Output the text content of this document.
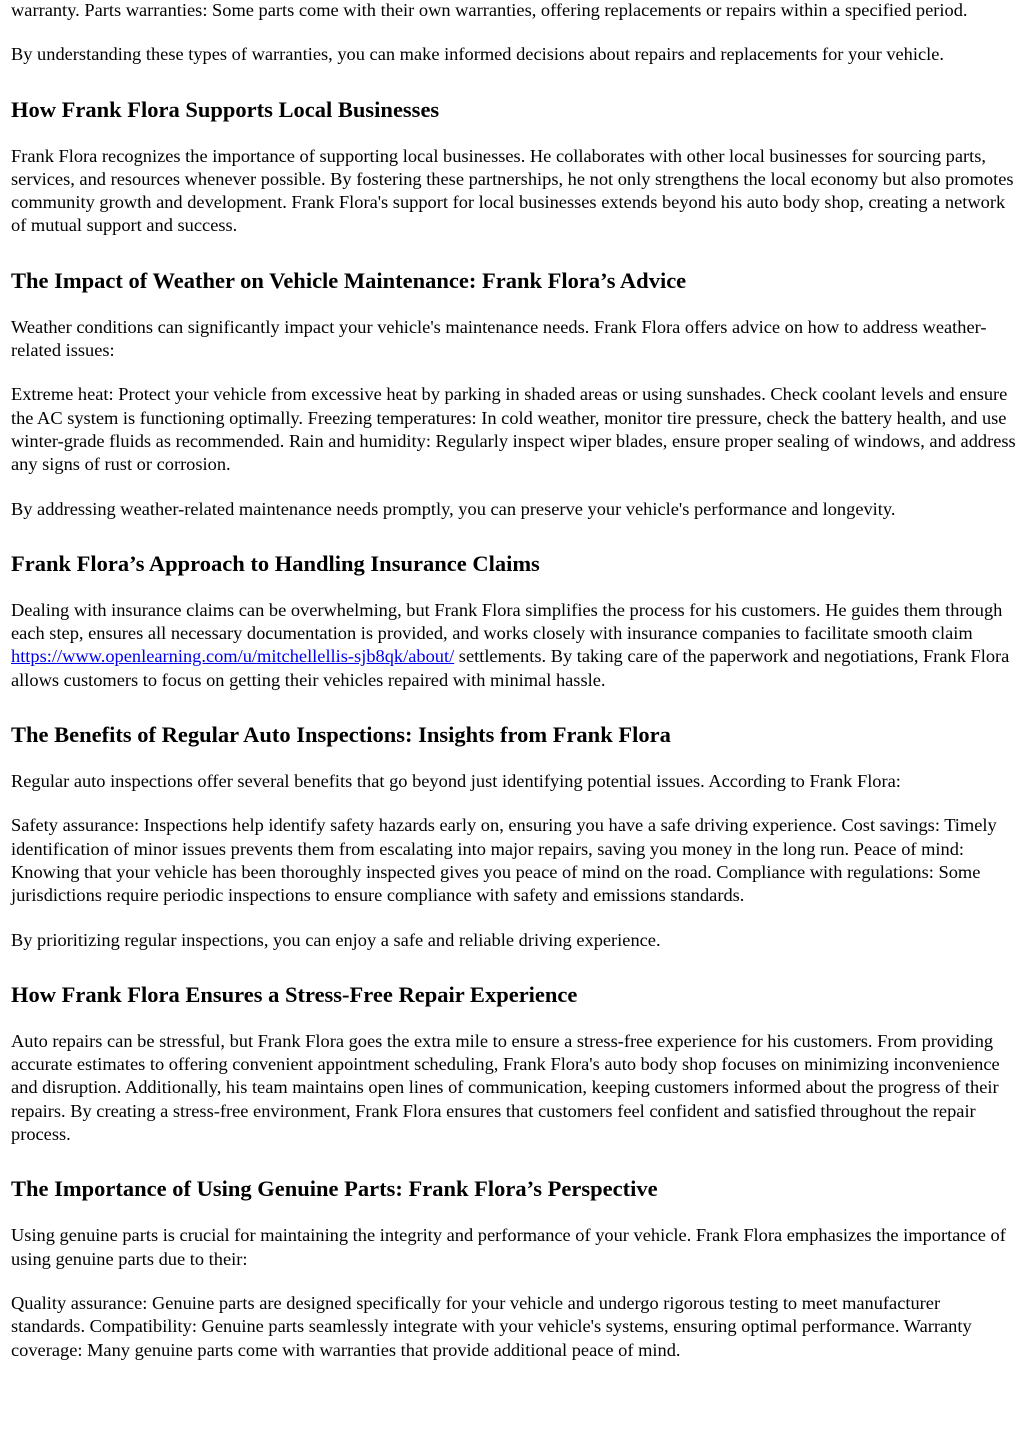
warranty. Parts warranties: Some parts come with their own warranties, offering replacements or repairs within a specified period.

By understanding these types of warranties, you can make informed decisions about repairs and replacements for your vehicle.

How Frank Flora Supports Local Businesses

Frank Flora recognizes the importance of supporting local businesses. He collaborates with other local businesses for sourcing parts, services, and resources whenever possible. By fostering these partnerships, he not only strengthens the local economy but also promotes community growth and development. Frank Flora's support for local businesses extends beyond his auto body shop, creating a network of mutual support and success.

The Impact of Weather on Vehicle Maintenance: Frank Flora’s Advice

Weather conditions can significantly impact your vehicle's maintenance needs. Frank Flora offers advice on how to address weather-related issues:

Extreme heat: Protect your vehicle from excessive heat by parking in shaded areas or using sunshades. Check coolant levels and ensure the AC system is functioning optimally. Freezing temperatures: In cold weather, monitor tire pressure, check the battery health, and use winter-grade fluids as recommended. Rain and humidity: Regularly inspect wiper blades, ensure proper sealing of windows, and address any signs of rust or corrosion.

By addressing weather-related maintenance needs promptly, you can preserve your vehicle's performance and longevity.

Frank Flora’s Approach to Handling Insurance Claims

Dealing with insurance claims can be overwhelming, but Frank Flora simplifies the process for his customers. He guides them through each step, ensures all necessary documentation is provided, and works closely with insurance companies to facilitate smooth claim https://www.openlearning.com/u/mitchellellis-sjb8qk/about/ settlements. By taking care of the paperwork and negotiations, Frank Flora allows customers to focus on getting their vehicles repaired with minimal hassle.

The Benefits of Regular Auto Inspections: Insights from Frank Flora

Regular auto inspections offer several benefits that go beyond just identifying potential issues. According to Frank Flora:

Safety assurance: Inspections help identify safety hazards early on, ensuring you have a safe driving experience. Cost savings: Timely identification of minor issues prevents them from escalating into major repairs, saving you money in the long run. Peace of mind: Knowing that your vehicle has been thoroughly inspected gives you peace of mind on the road. Compliance with regulations: Some jurisdictions require periodic inspections to ensure compliance with safety and emissions standards.

By prioritizing regular inspections, you can enjoy a safe and reliable driving experience.

How Frank Flora Ensures a Stress-Free Repair Experience

Auto repairs can be stressful, but Frank Flora goes the extra mile to ensure a stress-free experience for his customers. From providing accurate estimates to offering convenient appointment scheduling, Frank Flora's auto body shop focuses on minimizing inconvenience and disruption. Additionally, his team maintains open lines of communication, keeping customers informed about the progress of their repairs. By creating a stress-free environment, Frank Flora ensures that customers feel confident and satisfied throughout the repair process.

The Importance of Using Genuine Parts: Frank Flora’s Perspective

Using genuine parts is crucial for maintaining the integrity and performance of your vehicle. Frank Flora emphasizes the importance of using genuine parts due to their:

Quality assurance: Genuine parts are designed specifically for your vehicle and undergo rigorous testing to meet manufacturer standards. Compatibility: Genuine parts seamlessly integrate with your vehicle's systems, ensuring optimal performance. Warranty coverage: Many genuine parts come with warranties that provide additional peace of mind.
